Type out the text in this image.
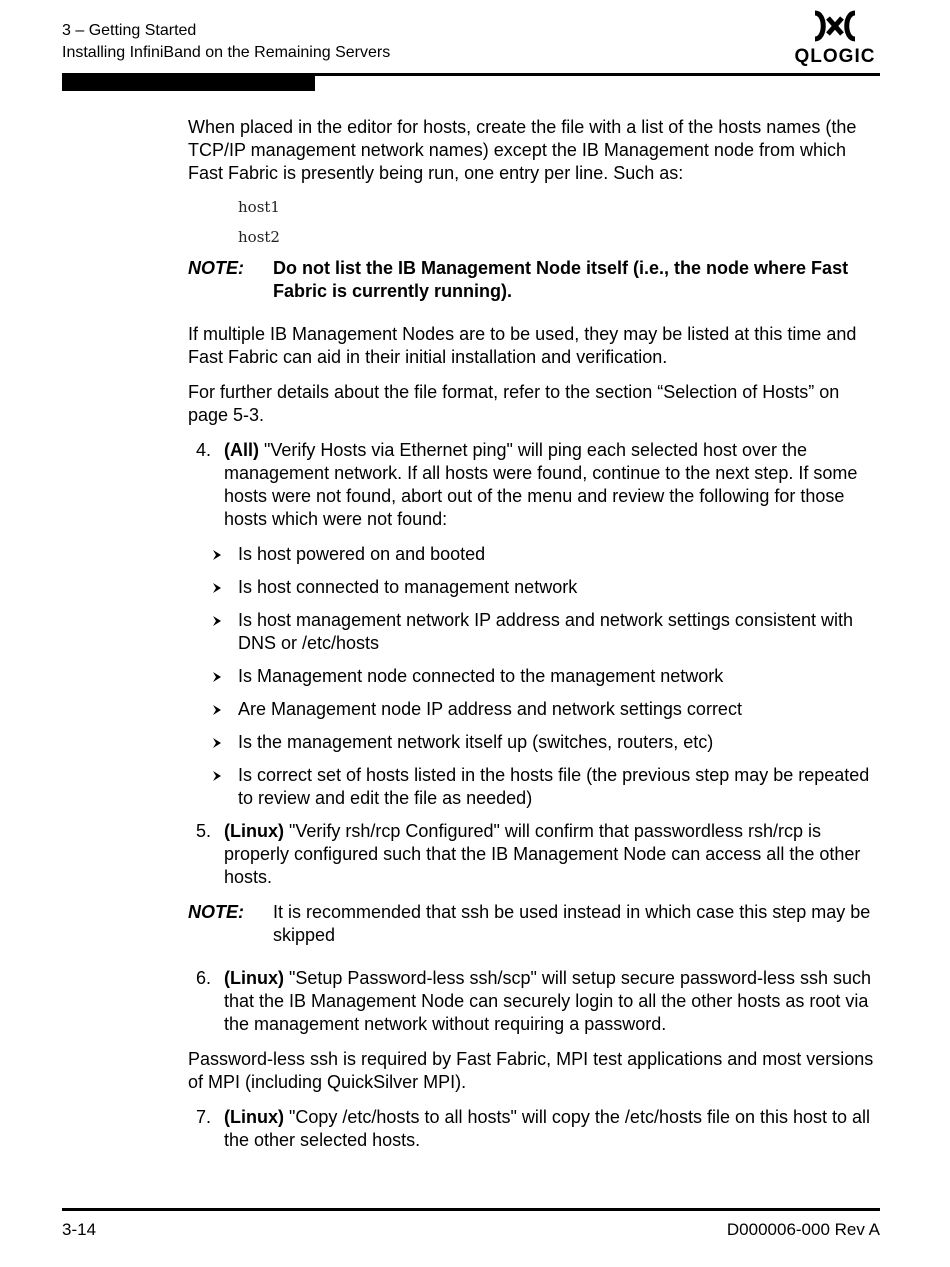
3 – Getting Started
Installing InfiniBand on the Remaining Servers	QLOGIC

When placed in the editor for hosts, create the file with a list of the hosts names (the TCP/IP management network names) except the IB Management node from which Fast Fabric is presently being run, one entry per line. Such as:

host1
host2
NOTE:	Do not list the IB Management Node itself (i.e., the node where Fast Fabric is currently running).

If multiple IB Management Nodes are to be used, they may be listed at this time and Fast Fabric can aid in their initial installation and verification.

For further details about the file format, refer to the section “Selection of Hosts” on page 5-3.

4. (All) "Verify Hosts via Ethernet ping" will ping each selected host over the management network. If all hosts were found, continue to the next step. If some hosts were not found, abort out of the menu and review the following for those hosts which were not found:
Is host powered on and booted
Is host connected to management network
Is host management network IP address and network settings consistent with DNS or /etc/hosts
Is Management node connected to the management network
Are Management node IP address and network settings correct
Is the management network itself up (switches, routers, etc)
Is correct set of hosts listed in the hosts file (the previous step may be repeated to review and edit the file as needed)
5. (Linux) "Verify rsh/rcp Configured" will confirm that passwordless rsh/rcp is properly configured such that the IB Management Node can access all the other hosts.
NOTE:	It is recommended that ssh be used instead in which case this step may be skipped
6. (Linux) "Setup Password-less ssh/scp" will setup secure password-less ssh such that the IB Management Node can securely login to all the other hosts as root via the management network without requiring a password.

Password-less ssh is required by Fast Fabric, MPI test applications and most versions of MPI (including QuickSilver MPI).

7. (Linux) "Copy /etc/hosts to all hosts" will copy the /etc/hosts file on this host to all the other selected hosts.
3-14	D000006-000 Rev A
